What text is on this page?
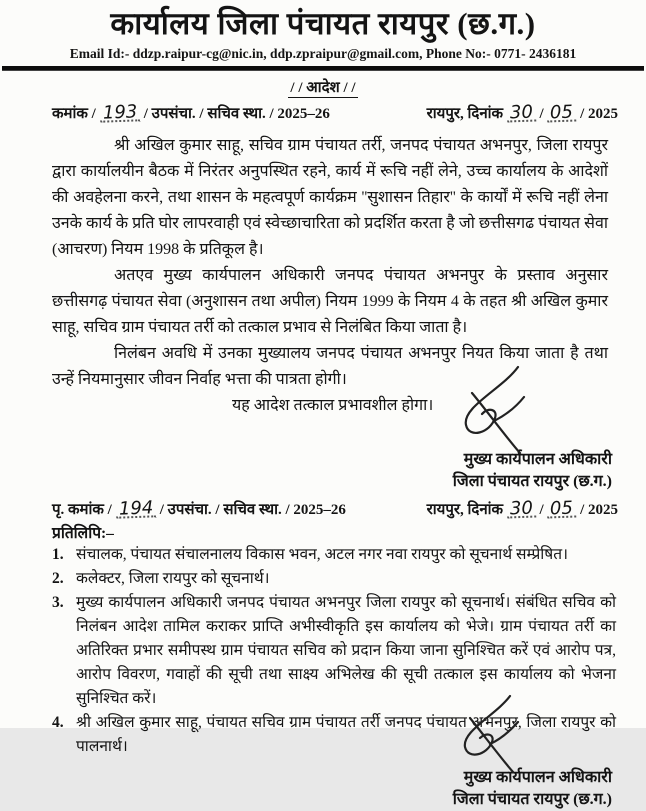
कार्यालय जिला पंचायत रायपुर (छ.ग.)
Email Id:- ddzp.raipur-cg@nic.in, ddp.zpraipur@gmail.com, Phone No:- 0771- 2436181
/ / आदेश / /
कमांक / 193 / उपसंचा. / सचिव स्था. / 2025–26	रायपुर, दिनांक 30 / 05 / 2025

श्री अखिल कुमार साहू, सचिव ग्राम पंचायत तर्री, जनपद पंचायत अभनपुर, जिला रायपुर द्वारा कार्यालयीन बैठक में निरंतर अनुपस्थित रहने, कार्य में रूचि नहीं लेने, उच्च कार्यालय के आदेशों की अवहेलना करने, तथा शासन के महत्वपूर्ण कार्यक्रम ''सुशासन तिहार'' के कार्यों में रूचि नहीं लेना उनके कार्य के प्रति घोर लापरवाही एवं स्वेच्छाचारिता को प्रदर्शित करता है जो छत्तीसगढ पंचायत सेवा (आचरण) नियम 1998 के प्रतिकूल है।

अतएव मुख्य कार्यपालन अधिकारी जनपद पंचायत अभनपुर के प्रस्ताव अनुसार छत्तीसगढ़ पंचायत सेवा (अनुशासन तथा अपील) नियम 1999 के नियम 4 के तहत श्री अखिल कुमार साहू, सचिव ग्राम पंचायत तर्री को तत्काल प्रभाव से निलंबित किया जाता है।

निलंबन अवधि में उनका मुख्यालय जनपद पंचायत अभनपुर नियत किया जाता है तथा उन्हें नियमानुसार जीवन निर्वाह भत्ता की पात्रता होगी।

यह आदेश तत्काल प्रभावशील होगा।

मुख्य कार्यपालन अधिकारी
जिला पंचायत रायपुर (छ.ग.)
पृ. कमांक / 194 / उपसंचा. / सचिव स्था. / 2025–26	रायपुर, दिनांक 30 / 05 / 2025
प्रतिलिपि:–
1. संचालक, पंचायत संचालनालय विकास भवन, अटल नगर नवा रायपुर को सूचनार्थ सम्प्रेषित।
2. कलेक्टर, जिला रायपुर को सूचनार्थ।
3. मुख्य कार्यपालन अधिकारी जनपद पंचायत अभनपुर जिला रायपुर को सूचनार्थ। संबंधित सचिव को निलंबन आदेश तामिल कराकर प्राप्ति अभीस्वीकृति इस कार्यालय को भेजे। ग्राम पंचायत तर्री का अतिरिक्त प्रभार समीपस्थ ग्राम पंचायत सचिव को प्रदान किया जाना सुनिश्चित करें एवं आरोप पत्र, आरोप विवरण, गवाहों की सूची तथा साक्ष्य अभिलेख की सूची तत्काल इस कार्यालय को भेजना सुनिश्चित करें।
4. श्री अखिल कुमार साहू, पंचायत सचिव ग्राम पंचायत तर्री जनपद पंचायत अभनपुर, जिला रायपुर को पालनार्थ।
मुख्य कार्यपालन अधिकारी
जिला पंचायत रायपुर (छ.ग.)
